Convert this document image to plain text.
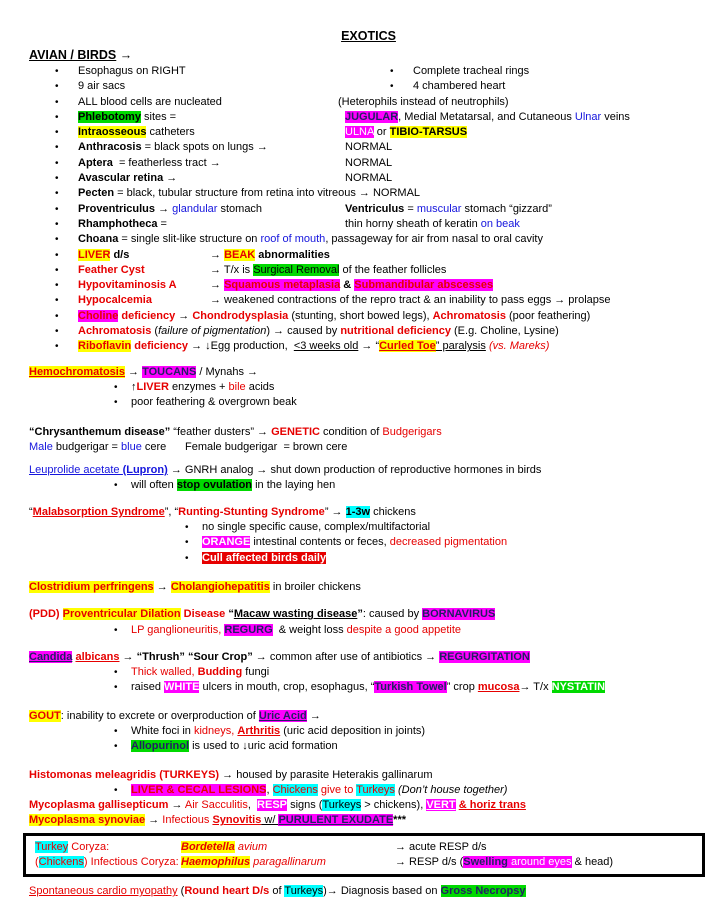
EXOTICS
AVIAN / BIRDS →
• Esophagus on RIGHT	• Complete tracheal rings
• 9 air sacs	• 4 chambered heart
• ALL blood cells are nucleated	(Heterophils instead of neutrophils)
• Phlebotomy sites =	JUGULAR, Medial Metatarsal, and Cutaneous Ulnar veins
• Intraosseous catheters	ULNA or TIBIO-TARSUS
• Anthracosis = black spots on lungs →	NORMAL
• Aptera  = featherless tract →	NORMAL
• Avascular retina →	NORMAL
• Pecten = black, tubular structure from retina into vitreous → NORMAL
• Proventriculus → glandular stomach	Ventriculus = muscular stomach “gizzard”
• Rhamphotheca =	thin horny sheath of keratin on beak
• Choana = single slit-like structure on roof of mouth, passageway for air from nasal to oral cavity
• LIVER d/s	→ BEAK abnormalities
• Feather Cyst	→ T/x is Surgical Removal of the feather follicles
• Hypovitaminosis A	→ Squamous metaplasia & Submandibular abscesses
• Hypocalcemia	→ weakened contractions of the repro tract & an inability to pass eggs → prolapse
• Choline deficiency → Chondrodysplasia (stunting, short bowed legs), Achromatosis (poor feathering)
• Achromatosis (failure of pigmentation) → caused by nutritional deficiency (E.g. Choline, Lysine)
• Riboflavin deficiency → ↓Egg production,  <3 weeks old → “Curled Toe” paralysis (vs. Mareks)
Hemochromatosis → TOUCANS / Mynahs →
• ↑LIVER enzymes + bile acids
• poor feathering & overgrown beak
“Chrysanthemum disease” “feather dusters” → GENETIC condition of Budgerigars
Male budgerigar = blue cere Female budgerigar  = brown cere
Leuprolide acetate (Lupron) → GNRH analog → shut down production of reproductive hormones in birds
• will often stop ovulation in the laying hen
“Malabsorption Syndrome”, “Runting-Stunting Syndrome” → 1-3w chickens
• no single specific cause, complex/multifactorial
• ORANGE intestinal contents or feces, decreased pigmentation
• Cull affected birds daily
Clostridium perfringens → Cholangiohepatitis in broiler chickens
(PDD) Proventricular Dilation Disease “Macaw wasting disease”: caused by BORNAVIRUS
• LP ganglioneuritis, REGURG  & weight loss despite a good appetite
Candida albicans → “Thrush” “Sour Crop” → common after use of antibiotics → REGURGITATION
• Thick walled, Budding fungi
• raised WHITE ulcers in mouth, crop, esophagus, “Turkish Towel” crop mucosa→ T/x NYSTATIN
GOUT: inability to excrete or overproduction of Uric Acid →
• White foci in kidneys, Arthritis (uric acid deposition in joints)
• Allopurinol is used to ↓uric acid formation
Histomonas meleagridis (TURKEYS) → housed by parasite Heterakis gallinarum
• LIVER & CECAL LESIONS, Chickens give to Turkeys (Don’t house together)
Mycoplasma gallisepticum → Air Sacculitis,  RESP signs (Turkeys > chickens), VERT & horiz trans
Mycoplasma synoviae → Infectious Synovitis w/ PURULENT EXUDATE***
Turkey Coryza:	Bordetella avium	→ acute RESP d/s
(Chickens) Infectious Coryza: Haemophilus paragallinarum	→ RESP d/s (Swelling around eyes & head)
Spontaneous cardio myopathy (Round heart D/s of Turkeys)→ Diagnosis based on Gross Necropsy
